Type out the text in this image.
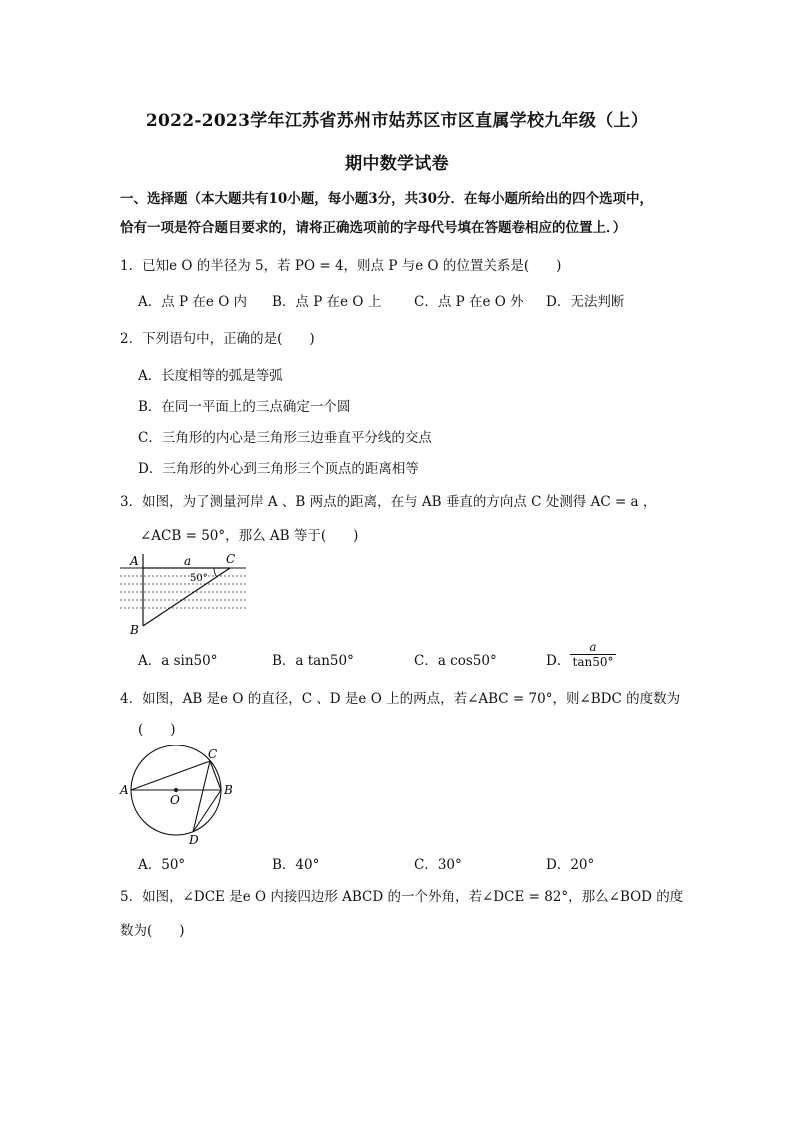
2022-2023学年江苏省苏州市姑苏区市区直属学校九年级（上）
期中数学试卷
一、选择题（本大题共有10小题，每小题3分，共30分．在每小题所给出的四个选项中，
恰有一项是符合题目要求的，请将正确选项前的字母代号填在答题卷相应的位置上．）
1．已知e O 的半径为 5，若 PO = 4，则点 P 与e O 的位置关系是(　　)
A．点 P 在e O 内 B．点 P 在e O 上 C．点 P 在e O 外 D．无法判断
2．下列语句中，正确的是(　　)
A．长度相等的弧是等弧
B．在同一平面上的三点确定一个圆
C．三角形的内心是三角形三边垂直平分线的交点
D．三角形的外心到三角形三个顶点的距离相等
3．如图，为了测量河岸 A 、B 两点的距离，在与 AB 垂直的方向点 C 处测得 AC = a ，
∠ACB = 50°，那么 AB 等于(　　)
A	C
B
a
50°
A．a sin50°	B．a tan50°	C．a cos50°	D． $\frac{a}{\tan 50^\circ}$
4．如图，AB 是e O 的直径，C 、D 是e O 上的两点，若∠ABC = 70°，则∠BDC 的度数为
(　　)
A	B
C
D
O
A．50°	B．40°	C．30°	D．20°
5．如图，∠DCE 是e O 内接四边形 ABCD 的一个外角，若∠DCE = 82°，那么∠BOD 的度
数为(　　)
